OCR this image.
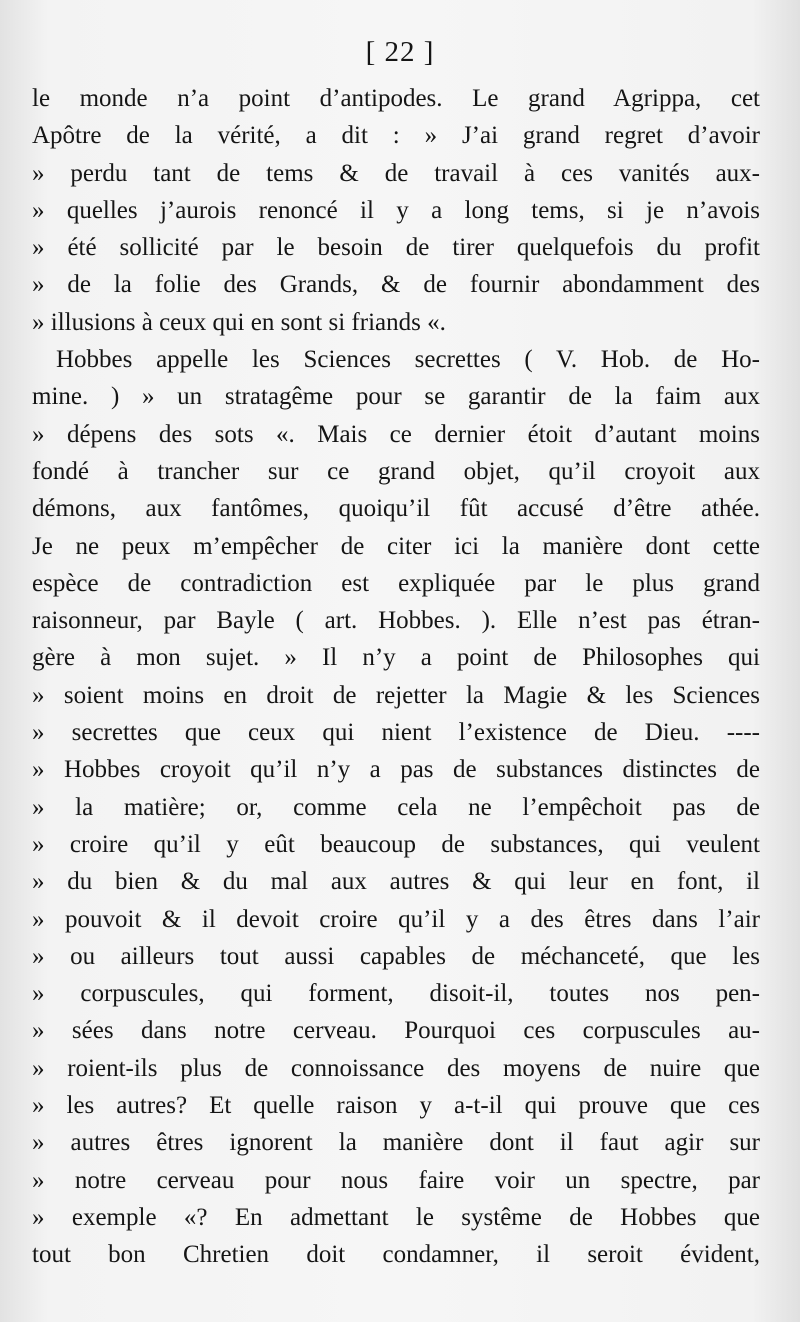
[ 22 ]
le monde n’a point d’antipodes. Le grand Agrippa, cet
Apôtre de la vérité, a dit : » J’ai grand regret d’avoir
» perdu tant de tems & de travail à ces vanités aux-
» quelles j’aurois renoncé il y a long tems, si je n’avois
» été sollicité par le besoin de tirer quelquefois du profit
» de la folie des Grands, & de fournir abondamment des
» illusions à ceux qui en sont si friands «.
Hobbes appelle les Sciences secrettes ( V. Hob. de Ho-
mine. ) » un stratagême pour se garantir de la faim aux
» dépens des sots «. Mais ce dernier étoit d’autant moins
fondé à trancher sur ce grand objet, qu’il croyoit aux
démons, aux fantômes, quoiqu’il fût accusé d’être athée.
Je ne peux m’empêcher de citer ici la manière dont cette
espèce de contradiction est expliquée par le plus grand
raisonneur, par Bayle ( art. Hobbes. ). Elle n’est pas étran-
gère à mon sujet. » Il n’y a point de Philosophes qui
» soient moins en droit de rejetter la Magie & les Sciences
» secrettes que ceux qui nient l’existence de Dieu. ----
» Hobbes croyoit qu’il n’y a pas de substances distinctes de
» la matière; or, comme cela ne l’empêchoit pas de
» croire qu’il y eût beaucoup de substances, qui veulent
» du bien & du mal aux autres & qui leur en font, il
» pouvoit & il devoit croire qu’il y a des êtres dans l’air
» ou ailleurs tout aussi capables de méchanceté, que les
» corpuscules, qui forment, disoit-il, toutes nos pen-
» sées dans notre cerveau. Pourquoi ces corpuscules au-
» roient-ils plus de connoissance des moyens de nuire que
» les autres? Et quelle raison y a-t-il qui prouve que ces
» autres êtres ignorent la manière dont il faut agir sur
» notre cerveau pour nous faire voir un spectre, par
» exemple «? En admettant le systême de Hobbes que
tout bon Chretien doit condamner, il seroit évident,
